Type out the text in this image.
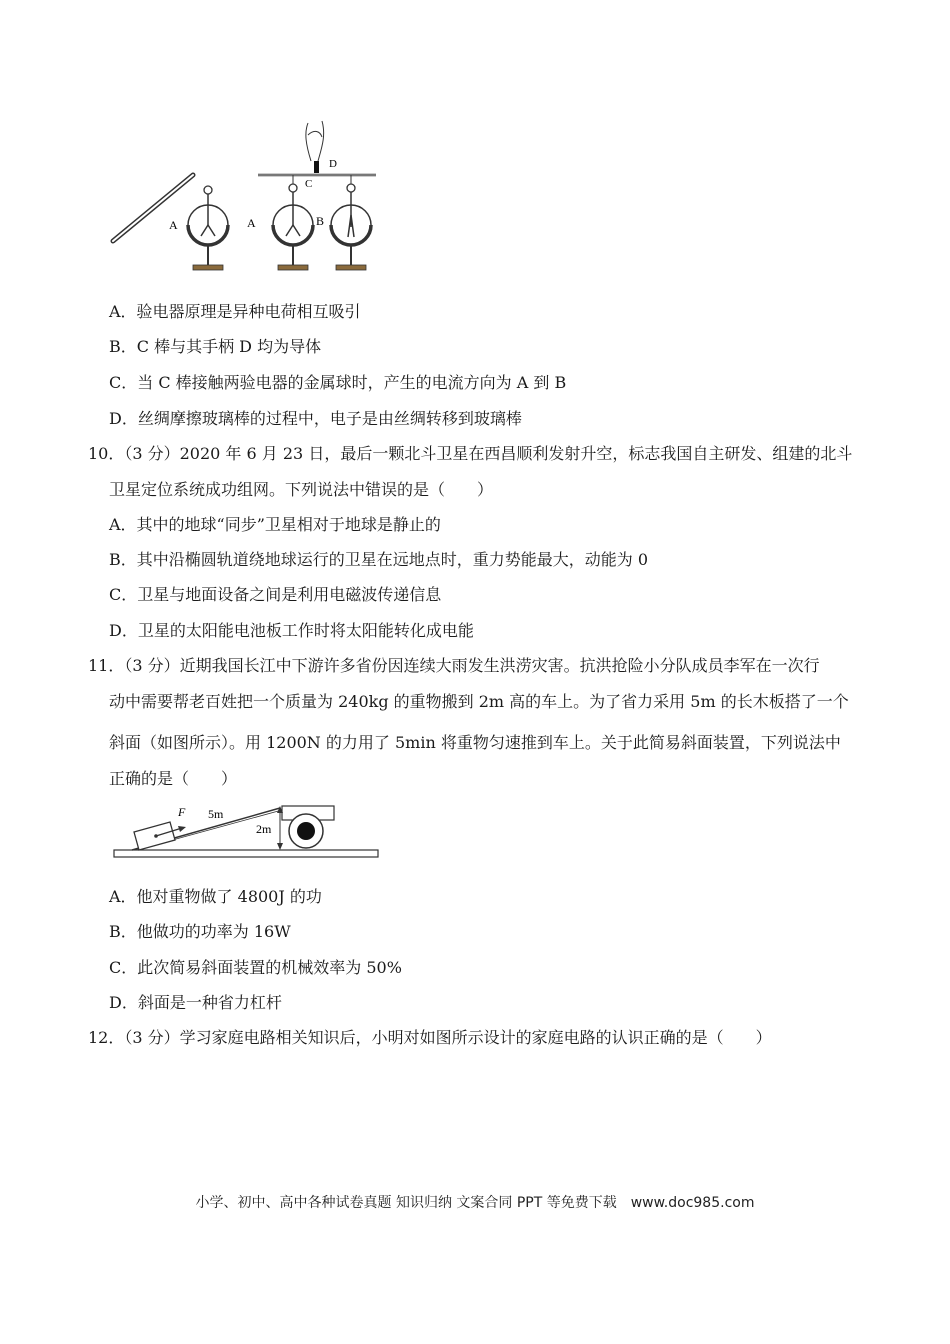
A
D
C
A	B
A．验电器原理是异种电荷相互吸引
B．C 棒与其手柄 D 均为导体
C．当 C 棒接触两验电器的金属球时，产生的电流方向为 A 到 B
D．丝绸摩擦玻璃棒的过程中，电子是由丝绸转移到玻璃棒
10．（3 分）2020 年 6 月 23 日，最后一颗北斗卫星在西昌顺利发射升空，标志我国自主研发、组建的北斗
卫星定位系统成功组网。下列说法中错误的是（　　）
A．其中的地球“同步”卫星相对于地球是静止的
B．其中沿椭圆轨道绕地球运行的卫星在远地点时，重力势能最大，动能为 0
C．卫星与地面设备之间是利用电磁波传递信息
D．卫星的太阳能电池板工作时将太阳能转化成电能
11．（3 分）近期我国长江中下游许多省份因连续大雨发生洪涝灾害。抗洪抢险小分队成员李军在一次行
动中需要帮老百姓把一个质量为 240kg 的重物搬到 2m 高的车上。为了省力采用 5m 的长木板搭了一个
斜面（如图所示）。用 1200N 的力用了 5min 将重物匀速推到车上。关于此简易斜面装置，下列说法中
正确的是（　　）
F 5m
2m
A．他对重物做了 4800J 的功
B．他做功的功率为 16W
C．此次简易斜面装置的机械效率为 50%
D．斜面是一种省力杠杆
12．（3 分）学习家庭电路相关知识后，小明对如图所示设计的家庭电路的认识正确的是（　　）
小学、初中、高中各种试卷真题 知识归纳 文案合同 PPT 等免费下载　www.doc985.com
